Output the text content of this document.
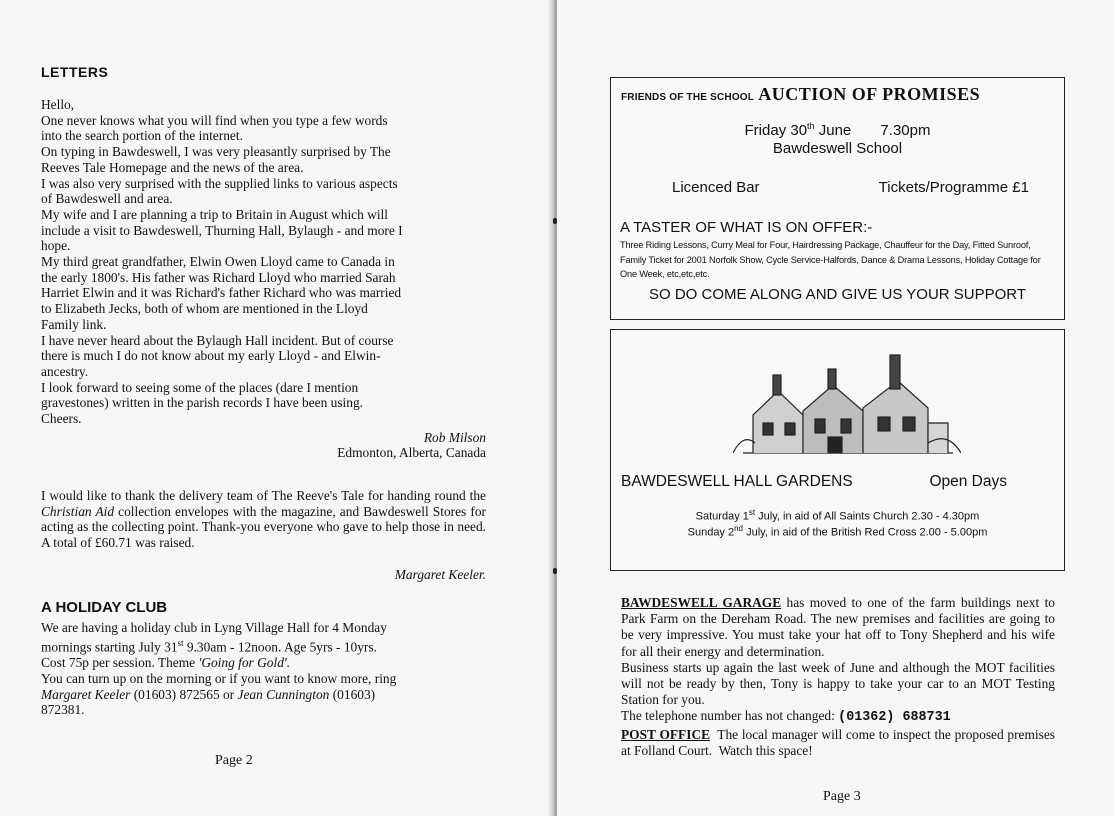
LETTERS

Hello,

One never knows what you will find when you type a few words

into the search portion of the internet.

On typing in Bawdeswell, I was very pleasantly surprised by The

Reeves Tale Homepage and the news of the area.

I was also very surprised with the supplied links to various aspects

of Bawdeswell and area.

My wife and I are planning a trip to Britain in August which will

include a visit to Bawdeswell, Thurning Hall, Bylaugh - and more I

hope.

My third great grandfather, Elwin Owen Lloyd came to Canada in

the early 1800's. His father was Richard Lloyd who married Sarah

Harriet Elwin and it was Richard's father Richard who was married

to Elizabeth Jecks, both of whom are mentioned in the Lloyd

Family link.

I have never heard about the Bylaugh Hall incident. But of course

there is much I do not know about my early Lloyd - and Elwin-

ancestry.

I look forward to seeing some of the places (dare I mention

gravestones) written in the parish records I have been using.

Cheers.

Rob Milson
Edmonton, Alberta, Canada
I would like to thank the delivery team of The Reeve's Tale for handing round the Christian Aid collection envelopes with the magazine, and Bawdeswell Stores for acting as the collecting point. Thank-you everyone who gave to help those in need. A total of £60.71 was raised.
Margaret Keeler.
A HOLIDAY CLUB

We are having a holiday club in Lyng Village Hall for 4 Monday

mornings starting July 31st 9.30am - 12noon. Age 5yrs - 10yrs.

Cost 75p per session. Theme 'Going for Gold'.

You can turn up on the morning or if you want to know more, ring

Margaret Keeler (01603) 872565 or Jean Cunnington (01603)

872381.

Page 2
FRIENDS OF THE SCHOOL AUCTION OF PROMISES
Friday 30th June       7.30pm
Bawdeswell School
Licenced Bar	Tickets/Programme £1
A TASTER OF WHAT IS ON OFFER:-
Three Riding Lessons, Curry Meal for Four, Hairdressing Package, Chauffeur for the Day, Fitted Sunroof, Family Ticket for 2001 Norfolk Show, Cycle Service-Halfords, Dance & Drama Lessons, Holiday Cottage for One Week, etc,etc,etc.
SO DO COME ALONG AND GIVE US YOUR SUPPORT
BAWDESWELL HALL GARDENS	Open Days
Saturday 1st July, in aid of All Saints Church 2.30 - 4.30pm
Sunday 2nd July, in aid of the British Red Cross 2.00 - 5.00pm

BAWDESWELL GARAGE has moved to one of the farm buildings next to Park Farm on the Dereham Road. The new premises and facilities are going to be very impressive. You must take your hat off to Tony Shepherd and his wife for all their energy and determination.

Business starts up again the last week of June and although the MOT facilities will not be ready by then, Tony is happy to take your car to an MOT Testing Station for you.

The telephone number has not changed: (01362) 688731

POST OFFICE  The local manager will come to inspect the proposed premises at Folland Court.  Watch this space!

Page 3
